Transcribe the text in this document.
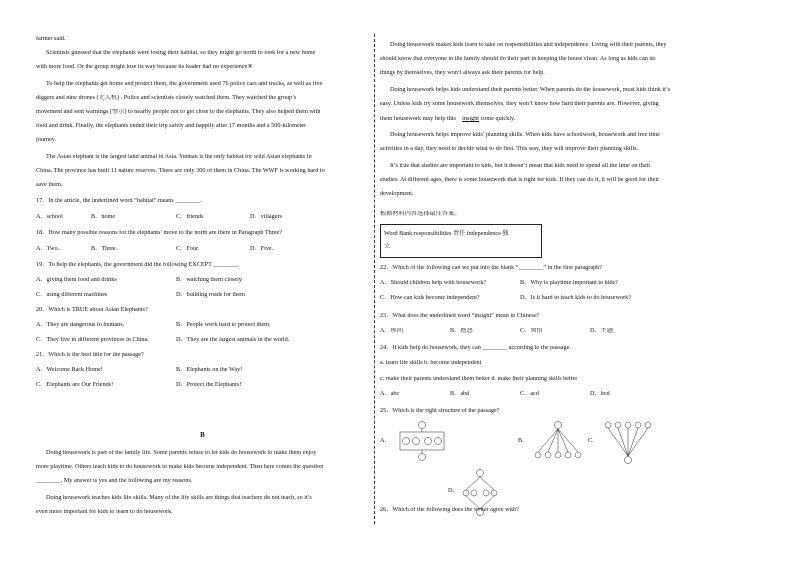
farmer said.
Scientists guessed that the elephants were losing their habitat, so they might go north to look for a new home
with more food. Or the group might lose its way because its leader had no experience⑧
To help the elephants get home and protect them, the government used 76 police cars and trucks, as well as five
diggers and nine drones (无人机) . Police and scientists closely watched them. They watched the group’s
movement and sent warnings (警示) to nearby people not to get close to the elephants. They also helped them with
food and drink. Finally, the elephants ended their trip safely and happily after 17 months and a 500-kilometer
journey.
The Asian elephant is the largest land animal in Asia. Yunnan is the only habitat for wild Asian elephants in
China. The province has built 11 nature reserves. There are only 300 of them in China. The WWF is working hard to
save them.
17．In the article, the underlined word “habitat” means ________.
A．school	B．home	C．friends	D．villagers
18．How many possible reasons for the elephants’ move to the north are there in Paragraph Three?
A．Two.	B．Three.	C．Four.	D．Five.
19．To help the elephants, the government did the following EXCEPT ________.
A．giving them food and drinks	B．watching them closely
C．using different machines	D．building roads for them
20．Which is TRUE about Asian Elephants?
A．They are dangerous to humans.	B．People work hard to protect them.
C．They live in different provinces in China.	D．They are the largest animals in the world.
21．Which is the best title for the passage?
A．Welcome Back Home!	B．Elephants on the Way!
C．Elephants are Our Friends!	D．Protect the Elephants!
B
Doing housework is part of the family life. Some parents refuse to let kids do housework to make them enjoy
more playtime. Others teach kids to do housework to make kids become independent. Then here comes the question
________. My answer is yes and the following are my reasons.
Doing housework teaches kids life skills. Many of the life skills are things that teachers do not teach, so it’s
even more important for kids to learn to do housework.
Doing housework makes kids learn to take on responsibilities and independence. Living with their parents, they
should know that everyone in the family should do their part in keeping the house clean. As long as kids can do
things by themselves, they won’t always ask their parents for help.
Doing housework helps kids understand their parents better. When parents do the housework, most kids think it’s
easy. Unless kids try some housework themselves, they won’t know how hard their parents are. However, giving
them housework may help this insight come quickly.
Doing housework helps improve kids’ planning skills. When kids have schoolwork, housework and free time
activities in a day, they need to decide what to do first. This way, they will improve their planning skills.
It’s true that studies are important to kids, but it doesn’t mean that kids need to spend all the time on their
studies. At different ages, there is some housework that is right for kids. If they can do it, it will be good for their
development.
根据材料内容选择最佳答案。
Word Bank:responsibilities 责任 independence 独
立
22．Which of the following can we put into the blank “________” in the first paragraph?
A．Should children help with housework?	B．Why is playtime important to kids?
C．How can kids become independent?	D．Is it hard to teach kids to do housework?
23．What does the underlined word “insight” mean in Chinese?
A．痑问	B．抱怨	C．领悟	D．主题
24．If kids help do housework, they can ________ according to the passage.
a. learn life skills b. become independent
c. make their parents understand them better d. make their planning skills better
A．abc	B．abd	C．acd	D．bcd
25．Which is the right structure of the passage?
A．	B．	C．
D．
26．Which of the following does the writer agree with?
